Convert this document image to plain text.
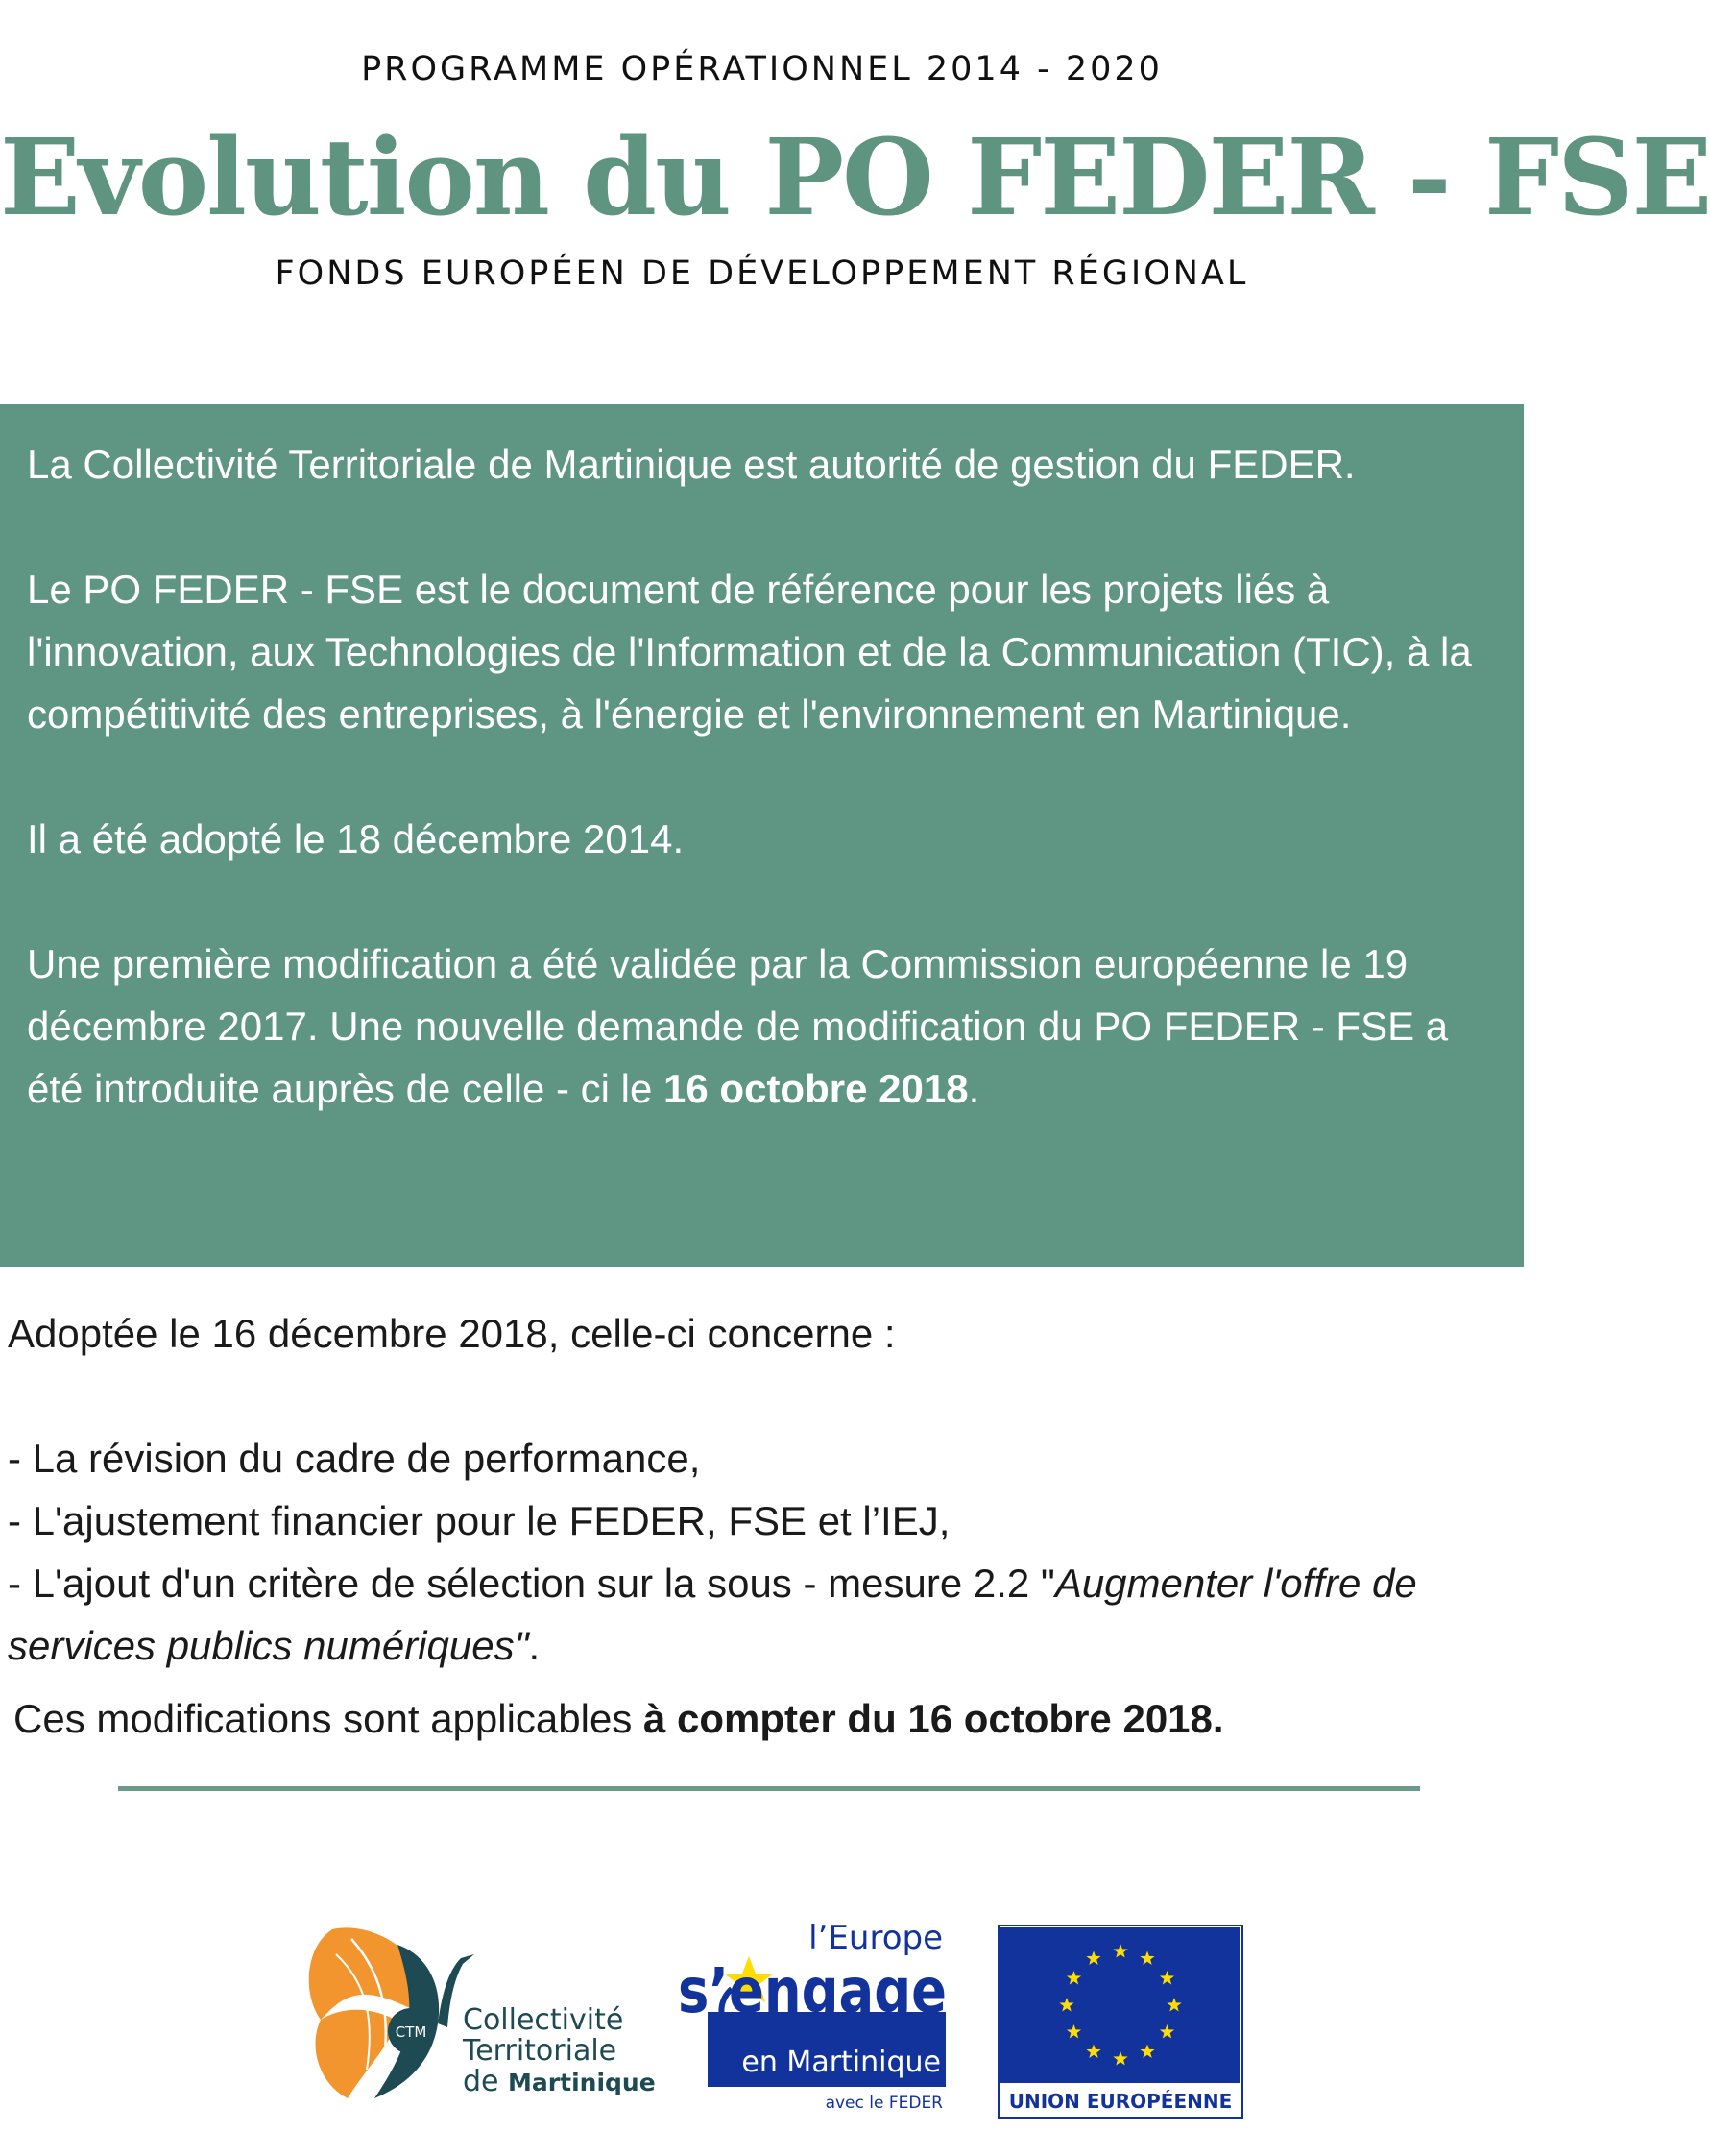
PROGRAMME OPÉRATIONNEL 2014 - 2020
Evolution du PO FEDER - FSE
FONDS EUROPÉEN DE DÉVELOPPEMENT RÉGIONAL

La Collectivité Territoriale de Martinique est autorité de gestion du FEDER.

Le PO FEDER - FSE est le document de référence pour les projets liés à l'innovation, aux Technologies de l'Information et de la Communication (TIC), à la compétitivité des entreprises, à l'énergie et l'environnement en Martinique.

Il a été adopté le 18 décembre 2014.

Une première modification a été validée par la Commission européenne le 19 décembre 2017. Une nouvelle demande de modification du PO FEDER - FSE a été introduite auprès de celle - ci le 16 octobre 2018.

Adoptée le 16 décembre 2018, celle-ci concerne :

- La révision du cadre de performance,

- L'ajustement financier pour le FEDER, FSE et l’IEJ,

- L'ajout d'un critère de sélection sur la sous - mesure 2.2 "Augmenter l'offre de services publics numériques".

Ces modifications sont applicables à compter du 16 octobre 2018.
CTM Collectivité
Territoriale
de Martinique
l’Europe
s’engage
en Martinique
avec le FEDER	UNION EUROPÉENNE
